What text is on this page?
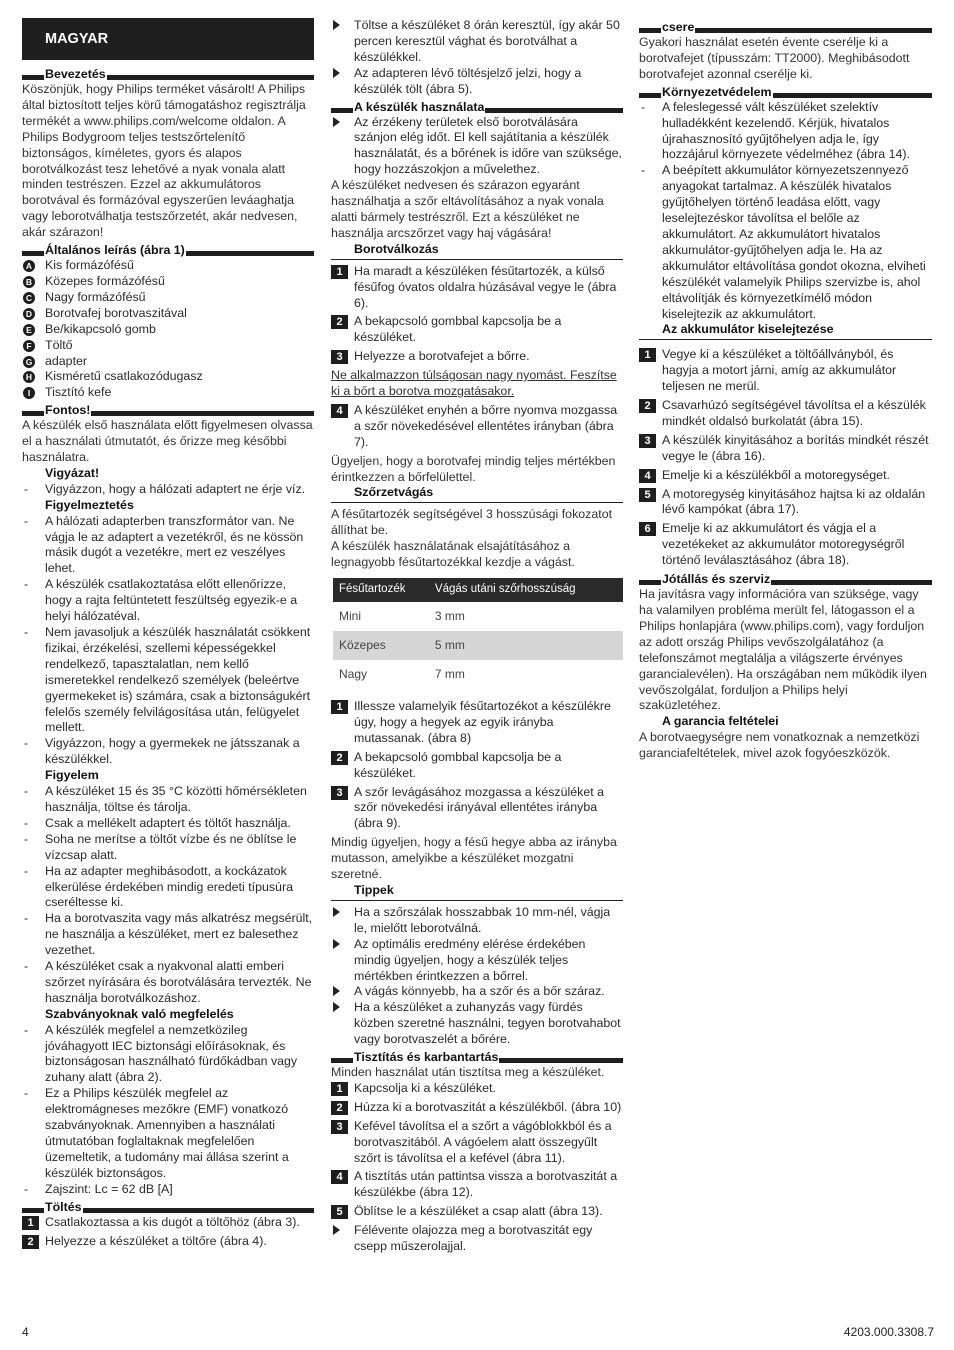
MAGYAR
Bevezetés
Köszönjük, hogy Philips terméket vásárolt! A Philips által biztosított teljes körű támogatáshoz regisztrálja termékét a www.philips.com/welcome oldalon. A Philips Bodygroom teljes testszőrtelenítő biztonságos, kíméletes, gyors és alapos borotválkozást tesz lehetővé a nyak vonala alatt minden testrészen. Ezzel az akkumulátoros borotvával és formázóval egyszerűen leváaghatja vagy leborotválhatja testszőrzetét, akár nedvesen, akár szárazon!
Általános leírás (ábra 1)
A Kis formázófésű
B Közepes formázófésű
C Nagy formázófésű
D Borotvafej borotvaszitával
E Be/kikapcsoló gomb
F Töltő
G adapter
H Kisméretű csatlakozódugasz
I	Tisztító kefe
Fontos!
A készülék első használata előtt figyelmesen olvassa el a használati útmutatót, és őrizze meg későbbi használatra.
Vigyázat!
- Vigyázzon, hogy a hálózati adaptert ne érje víz.
Figyelmeztetés
- A hálózati adapterben transzformátor van. Ne vágja le az adaptert a vezetékről, és ne kössön másik dugót a vezetékre, mert ez veszélyes lehet.
- A készülék csatlakoztatása előtt ellenőrizze, hogy a rajta feltüntetett feszültség egyezik-e a helyi hálózatéval.
- Nem javasoljuk a készülék használatát csökkent fizikai, érzékelési, szellemi képességekkel rendelkező, tapasztalatlan, nem kellő ismeretekkel rendelkező személyek (beleértve gyermekeket is) számára, csak a biztonságukért felelős személy felvilágosítása után, felügyelet mellett.
- Vigyázzon, hogy a gyermekek ne játsszanak a készülékkel.
Figyelem
- A készüléket 15 és 35 °C közötti hőmérsékleten használja, töltse és tárolja.
- Csak a mellékelt adaptert és töltőt használja.
- Soha ne merítse a töltőt vízbe és ne öblítse le vízcsap alatt.
- Ha az adapter meghibásodott, a kockázatok elkerülése érdekében mindig eredeti típusúra cseréltesse ki.
- Ha a borotvaszita vagy más alkatrész megsérült, ne használja a készüléket, mert ez balesethez vezethet.
- A készüléket csak a nyakvonal alatti emberi szőrzet nyírására és borotválására tervezték. Ne használja borotválkozáshoz.
Szabványoknak való megfelelés
- A készülék megfelel a nemzetközileg jóváhagyott IEC biztonsági előírásoknak, és biztonságosan használható fürdőkádban vagy zuhany alatt (ábra 2).
- Ez a Philips készülék megfelel az elektromágneses mezőkre (EMF) vonatkozó szabványoknak. Amennyiben a használati útmutatóban foglaltaknak megfelelően üzemeltetik, a tudomány mai állása szerint a készülék biztonságos.
- Zajszint: Lc = 62 dB [A]
Töltés
1 Csatlakoztassa a kis dugót a töltőhöz (ábra 3).
2 Helyezze a készüléket a töltőre (ábra 4).
Töltse a készüléket 8 órán keresztül, így akár 50 percen keresztül vághat és borotválhat a készülékkel.
Az adapteren lévő töltésjelző jelzi, hogy a készülék tölt (ábra 5).
A készülék használata
Az érzékeny területek első borotválására szánjon elég időt. El kell sajátítania a készülék használatát, és a bőrének is időre van szüksége, hogy hozzászokjon a művelethez.
A készüléket nedvesen és szárazon egyaránt használhatja a szőr eltávolításához a nyak vonala alatti bármely testrészről. Ezt a készüléket ne használja arcszőrzet vagy haj vágására!
Borotválkozás
1 Ha maradt a készüléken fésűtartozék, a külső fésűfog óvatos oldalra húzásával vegye le (ábra 6).
2 A bekapcsoló gombbal kapcsolja be a készüléket.
3 Helyezze a borotvafejet a bőrre.
Ne alkalmazzon túlságosan nagy nyomást. Feszítse ki a bőrt a borotva mozgatásakor.
4 A készüléket enyhén a bőrre nyomva mozgassa a szőr növekedésével ellentétes irányban (ábra 7).
Ügyeljen, hogy a borotvafej mindig teljes mértékben érintkezzen a bőrfelülettel.
Szőrzetvágás
A fésűtartozék segítségével 3 hosszúsági fokozatot állíthat be.
A készülék használatának elsajátításához a legnagyobb fésűtartozékkal kezdje a vágást.
Fésűtartozék	Vágás utáni szőrhosszúság
Mini	3 mm
Közepes	5 mm
Nagy	7 mm
1 Illessze valamelyik fésűtartozékot a készülékre úgy, hogy a hegyek az egyik irányba mutassanak. (ábra 8)
2 A bekapcsoló gombbal kapcsolja be a készüléket.
3 A szőr levágásához mozgassa a készüléket a szőr növekedési irányával ellentétes irányba (ábra 9).
Mindig ügyeljen, hogy a fésű hegye abba az irányba mutasson, amelyikbe a készüléket mozgatni szeretné.
Tippek
Ha a szőrszálak hosszabbak 10 mm-nél, vágja le, mielőtt leborotválná.
Az optimális eredmény elérése érdekében mindig ügyeljen, hogy a készülék teljes mértékben érintkezzen a bőrrel.
A vágás könnyebb, ha a szőr és a bőr száraz.
Ha a készüléket a zuhanyzás vagy fürdés közben szeretné használni, tegyen borotvahabot vagy borotvaszelét a bőrére.
Tisztítás és karbantartás
Minden használat után tisztítsa meg a készüléket.
1 Kapcsolja ki a készüléket.
2 Húzza ki a borotvaszitát a készülékből. (ábra 10)
3 Kefével távolítsa el a szőrt a vágóblokkból és a borotvaszitából. A vágóelem alatt összegyűlt szőrt is távolítsa el a kefével (ábra 11).
4 A tisztítás után pattintsa vissza a borotvaszitát a készülékbe (ábra 12).
5 Öblítse le a készüléket a csap alatt (ábra 13).
Félévente olajozza meg a borotvaszitát egy csepp műszerolajjal.
csere
Gyakori használat esetén évente cserélje ki a borotvafejet (típusszám: TT2000). Meghibásodott borotvafejet azonnal cserélje ki.
Környezetvédelem
- A feleslegessé vált készüléket szelektív hulladékként kezelendő. Kérjük, hivatalos újrahasznosító gyűjtőhelyen adja le, így hozzájárul környezete védelméhez (ábra 14).
- A beépített akkumulátor környezetszennyező anyagokat tartalmaz. A készülék hivatalos gyűjtőhelyen történő leadása előtt, vagy leselejtezéskor távolítsa el belőle az akkumulátort. Az akkumulátort hivatalos akkumulátor-gyűjtőhelyen adja le. Ha az akkumulátor eltávolítása gondot okozna, elviheti készülékét valamelyik Philips szervizbe is, ahol eltávolítják és környezetkímélő módon kiselejtezik az akkumulátort.
Az akkumulátor kiselejtezése
1 Vegye ki a készüléket a töltőállványból, és hagyja a motort járni, amíg az akkumulátor teljesen ne merül.
2 Csavarhúzó segítségével távolítsa el a készülék mindkét oldalsó burkolatát (ábra 15).
3 A készülék kinyitásához a borítás mindkét részét vegye le (ábra 16).
4 Emelje ki a készülékből a motoregységet.
5 A motoregység kinyitásához hajtsa ki az oldalán lévő kampókat (ábra 17).
6 Emelje ki az akkumulátort és vágja el a vezetékeket az akkumulátor motoregységről történő leválasztásához (ábra 18).
Jótállás és szerviz
Ha javításra vagy információra van szüksége, vagy ha valamilyen probléma merült fel, látogasson el a Philips honlapjára (www.philips.com), vagy forduljon az adott ország Philips vevőszolgálatához (a telefonszámot megtalálja a világszerte érvényes garancialevélen). Ha országában nem működik ilyen vevőszolgálat, forduljon a Philips helyi szaküzletéhez.
A garancia feltételei
A borotvaegységre nem vonatkoznak a nemzetközi garanciafeltételek, mivel azok fogyóeszközök.
4	4203.000.3308.7
